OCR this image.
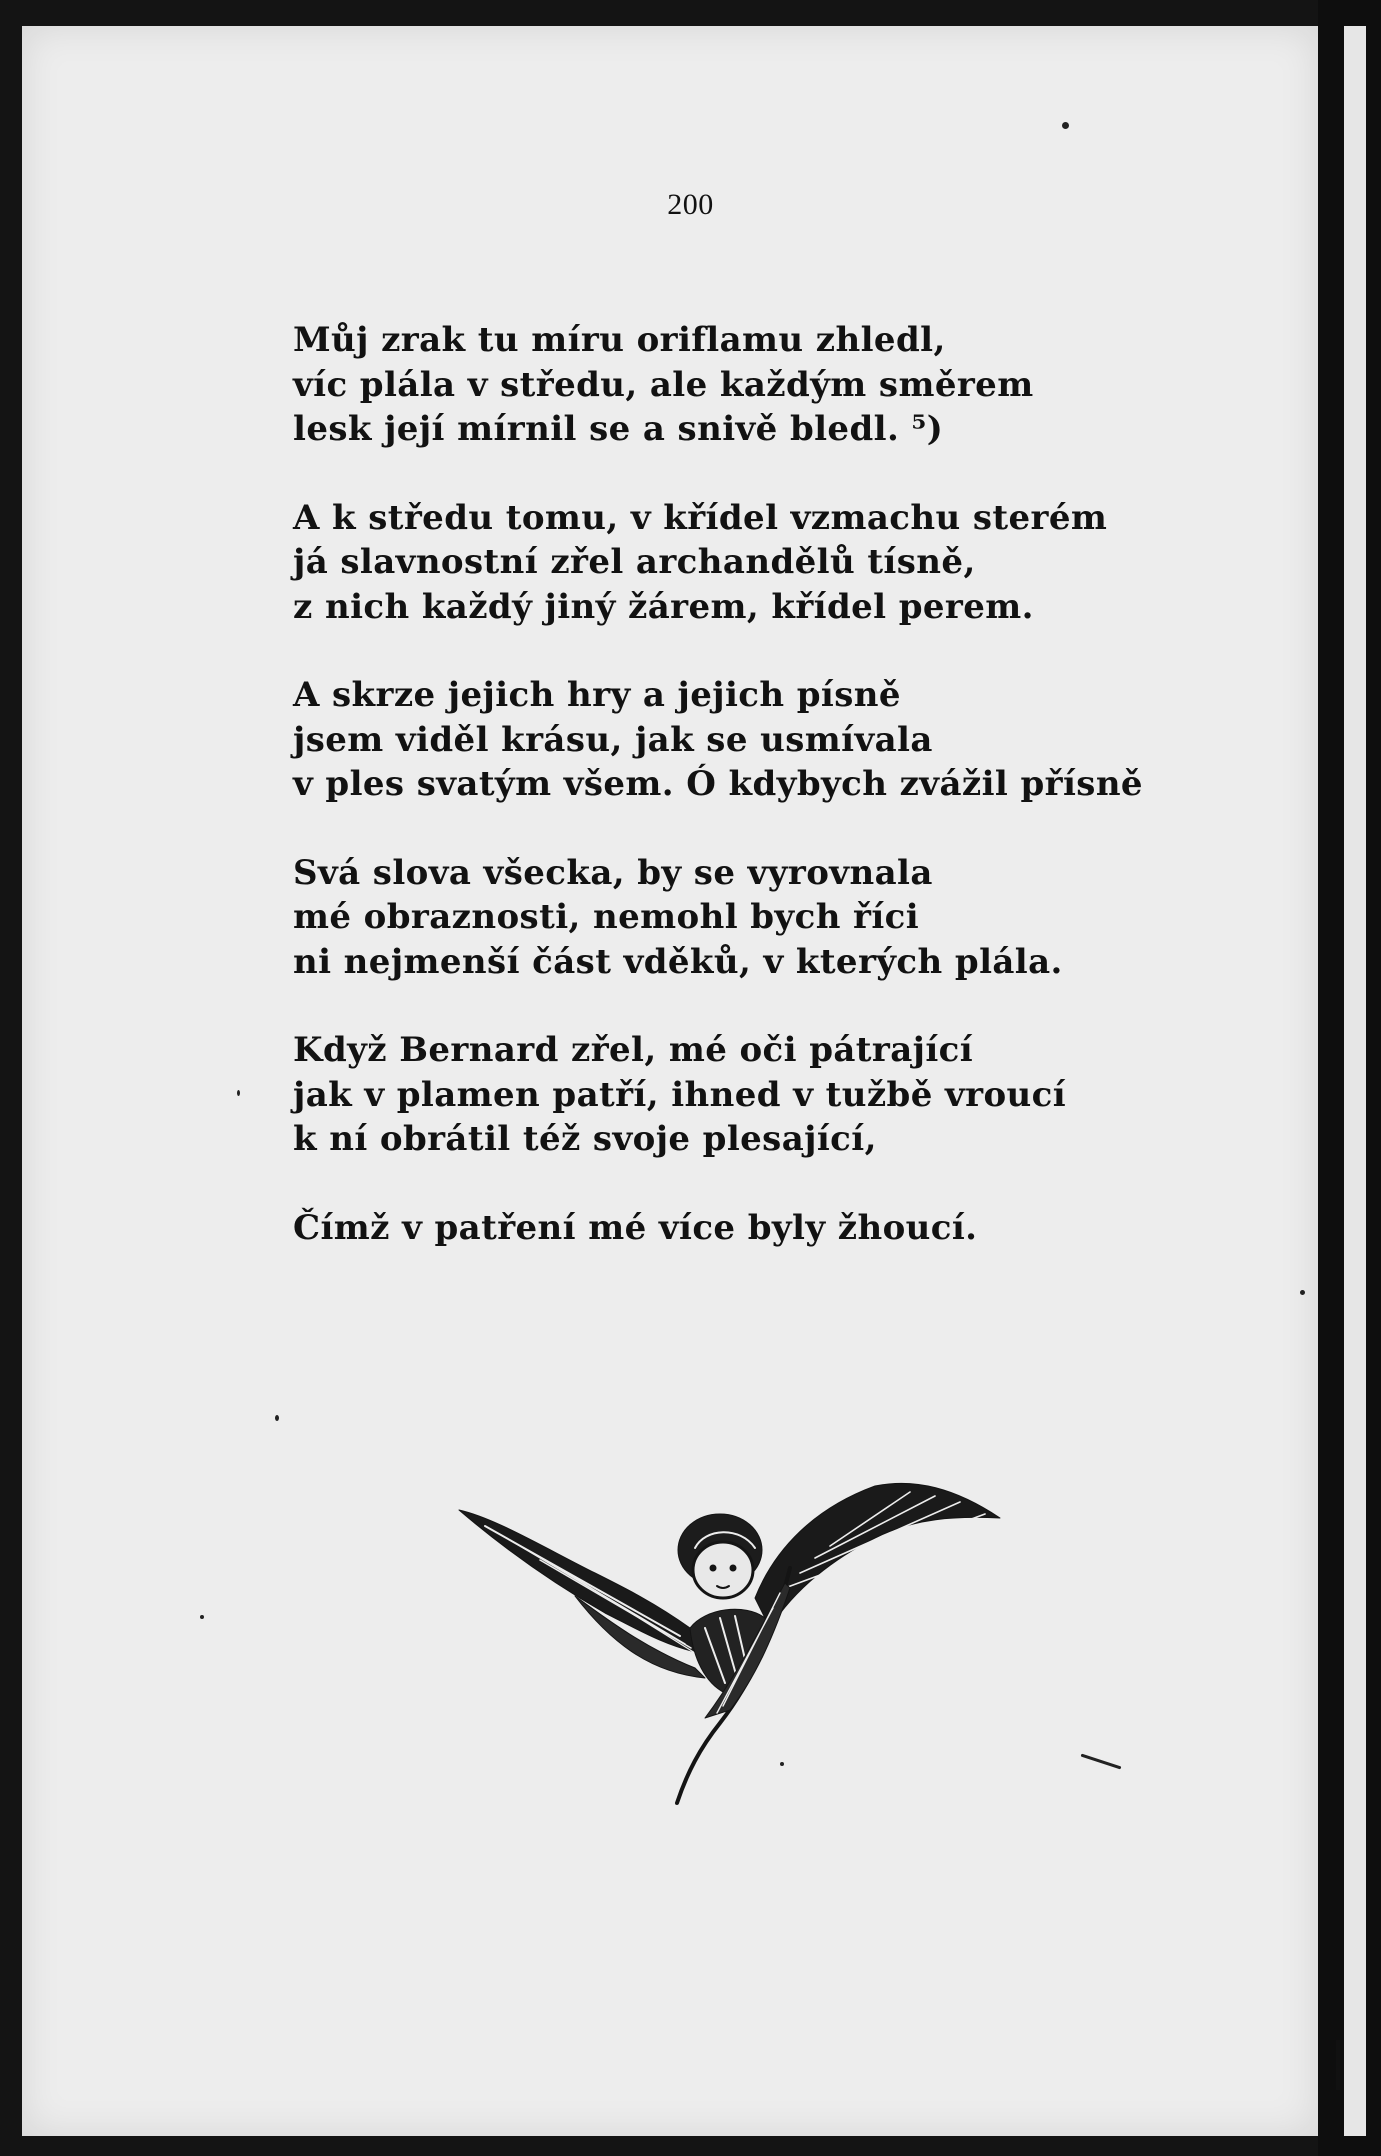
200
Můj zrak tu míru oriflamu zhledl,
víc plála v středu, ale každým směrem
lesk její mírnil se a snivě bledl. ⁵)
A k středu tomu, v křídel vzmachu sterém
já slavnostní zřel archandělů tísně,
z nich každý jiný žárem, křídel perem.
A skrze jejich hry a jejich písně
jsem viděl krásu, jak se usmívala
v ples svatým všem. Ó kdybych zvážil přísně
Svá slova všecka, by se vyrovnala
mé obraznosti, nemohl bych říci
ni nejmenší část vděků, v kterých plála.
Když Bernard zřel, mé oči pátrající
jak v plamen patří, ihned v tužbě vroucí
k ní obrátil též svoje plesající,
Čímž v patření mé více byly žhoucí.
